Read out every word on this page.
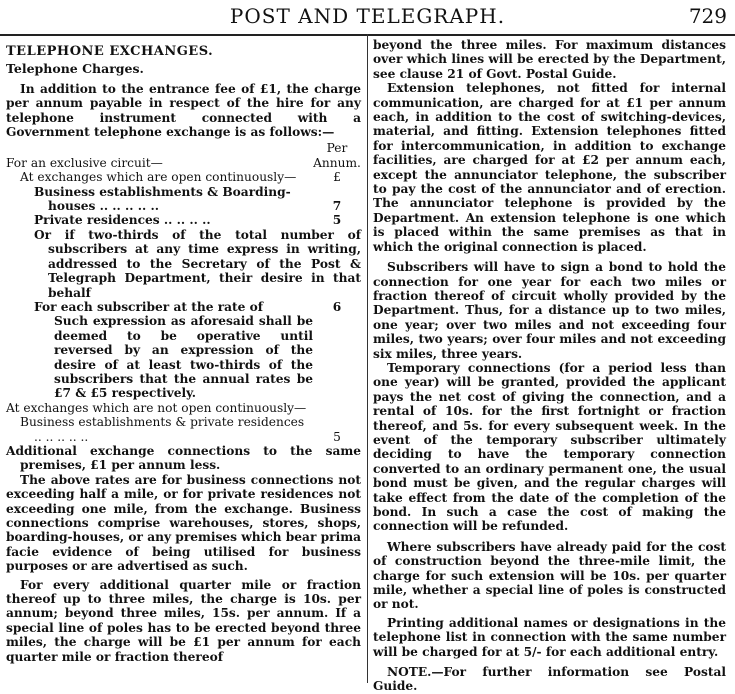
POST AND TELEGRAPH.	729

TELEPHONE EXCHANGES.

Telephone Charges.

In addition to the entrance fee of £1, the charge per annum payable in respect of the hire for any telephone instrument connected with a Government telephone exchange is as follows:—

Per
For an exclusive circuit—	Annum.
At exchanges which are open continuously—	£
Business establishments & Boarding-houses .. .. .. .. ..	7
Private residences .. .. .. ..	5

Or if two-thirds of the total number of subscribers at any time express in writing, addressed to the Secretary of the Post & Telegraph Department, their desire in that behalf

For each subscriber at the rate of	6

Such expression as aforesaid shall be deemed to be operative until reversed by an expression of the desire of at least two-thirds of the subscribers that the annual rates be £7 & £5 respectively.

At exchanges which are not open continuously—

Business establishments & private residences .. .. .. .. ..	5

Additional exchange connections to the same premises, £1 per annum less.

The above rates are for business connections not exceeding half a mile, or for private residences not exceeding one mile, from the exchange. Business connections comprise warehouses, stores, shops, boarding-houses, or any premises which bear prima facie evidence of being utilised for business purposes or are advertised as such.

For every additional quarter mile or fraction thereof up to three miles, the charge is 10s. per annum; beyond three miles, 15s. per annum. If a special line of poles has to be erected beyond three miles, the charge will be £1 per annum for each quarter mile or fraction thereof

beyond the three miles. For maximum distances over which lines will be erected by the Department, see clause 21 of Govt. Postal Guide.

Extension telephones, not fitted for internal communication, are charged for at £1 per annum each, in addition to the cost of switching-devices, material, and fitting. Extension telephones fitted for intercommunication, in addition to exchange facilities, are charged for at £2 per annum each, except the annunciator telephone, the subscriber to pay the cost of the annunciator and of erection. The annunciator telephone is provided by the Department. An extension telephone is one which is placed within the same premises as that in which the original connection is placed.

Subscribers will have to sign a bond to hold the connection for one year for each two miles or fraction thereof of circuit wholly provided by the Department. Thus, for a distance up to two miles, one year; over two miles and not exceeding four miles, two years; over four miles and not exceeding six miles, three years.

Temporary connections (for a period less than one year) will be granted, provided the applicant pays the net cost of giving the connection, and a rental of 10s. for the first fortnight or fraction thereof, and 5s. for every subsequent week. In the event of the temporary subscriber ultimately deciding to have the temporary connection converted to an ordinary permanent one, the usual bond must be given, and the regular charges will take effect from the date of the completion of the bond. In such a case the cost of making the connection will be refunded.

Where subscribers have already paid for the cost of construction beyond the three-mile limit, the charge for such extension will be 10s. per quarter mile, whether a special line of poles is constructed or not.

Printing additional names or designations in the telephone list in connection with the same number will be charged for at 5/- for each additional entry.

NOTE.—For further information see Postal Guide.
